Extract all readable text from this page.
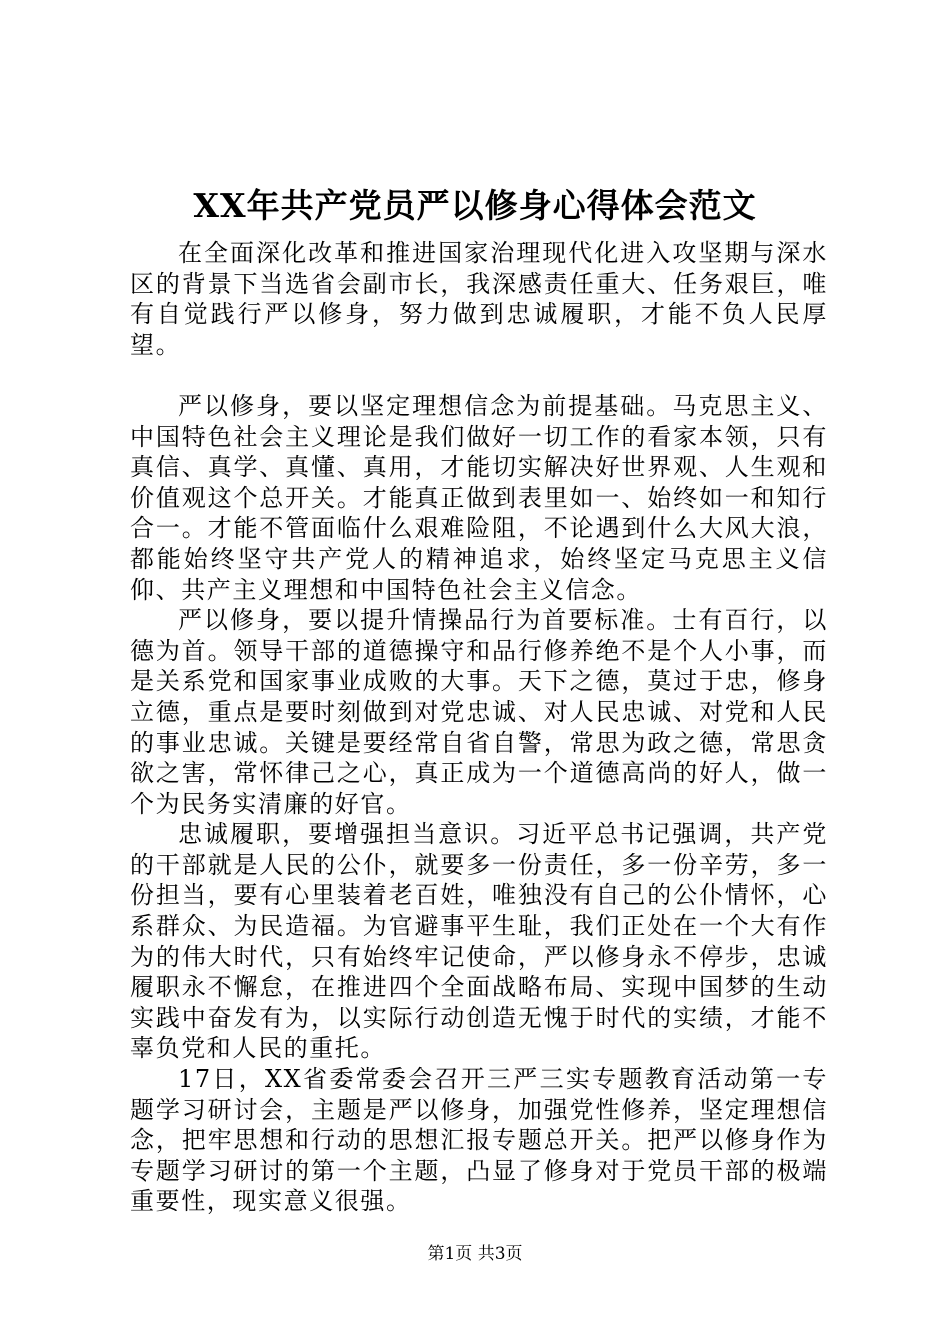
XX年共产党员严以修身心得体会范文

在全面深化改革和推进国家治理现代化进入攻坚期与深水区的背景下当选省会副市长，我深感责任重大、任务艰巨，唯有自觉践行严以修身，努力做到忠诚履职，才能不负人民厚望。

严以修身，要以坚定理想信念为前提基础。马克思主义、中国特色社会主义理论是我们做好一切工作的看家本领，只有真信、真学、真懂、真用，才能切实解决好世界观、人生观和价值观这个总开关。才能真正做到表里如一、始终如一和知行合一。才能不管面临什么艰难险阻，不论遇到什么大风大浪，都能始终坚守共产党人的精神追求，始终坚定马克思主义信仰、共产主义理想和中国特色社会主义信念。

严以修身，要以提升情操品行为首要标准。士有百行，以德为首。领导干部的道德操守和品行修养绝不是个人小事，而是关系党和国家事业成败的大事。天下之德，莫过于忠，修身立德，重点是要时刻做到对党忠诚、对人民忠诚、对党和人民的事业忠诚。关键是要经常自省自警，常思为政之德，常思贪欲之害，常怀律己之心，真正成为一个道德高尚的好人，做一个为民务实清廉的好官。

忠诚履职，要增强担当意识。习近平总书记强调，共产党的干部就是人民的公仆，就要多一份责任，多一份辛劳，多一份担当，要有心里装着老百姓，唯独没有自己的公仆情怀，心系群众、为民造福。为官避事平生耻，我们正处在一个大有作为的伟大时代，只有始终牢记使命，严以修身永不停步，忠诚履职永不懈怠，在推进四个全面战略布局、实现中国梦的生动实践中奋发有为，以实际行动创造无愧于时代的实绩，才能不辜负党和人民的重托。

17日，XX省委常委会召开三严三实专题教育活动第一专题学习研讨会，主题是严以修身，加强党性修养，坚定理想信念，把牢思想和行动的思想汇报专题总开关。把严以修身作为专题学习研讨的第一个主题，凸显了修身对于党员干部的极端重要性，现实意义很强。

第1页 共3页
